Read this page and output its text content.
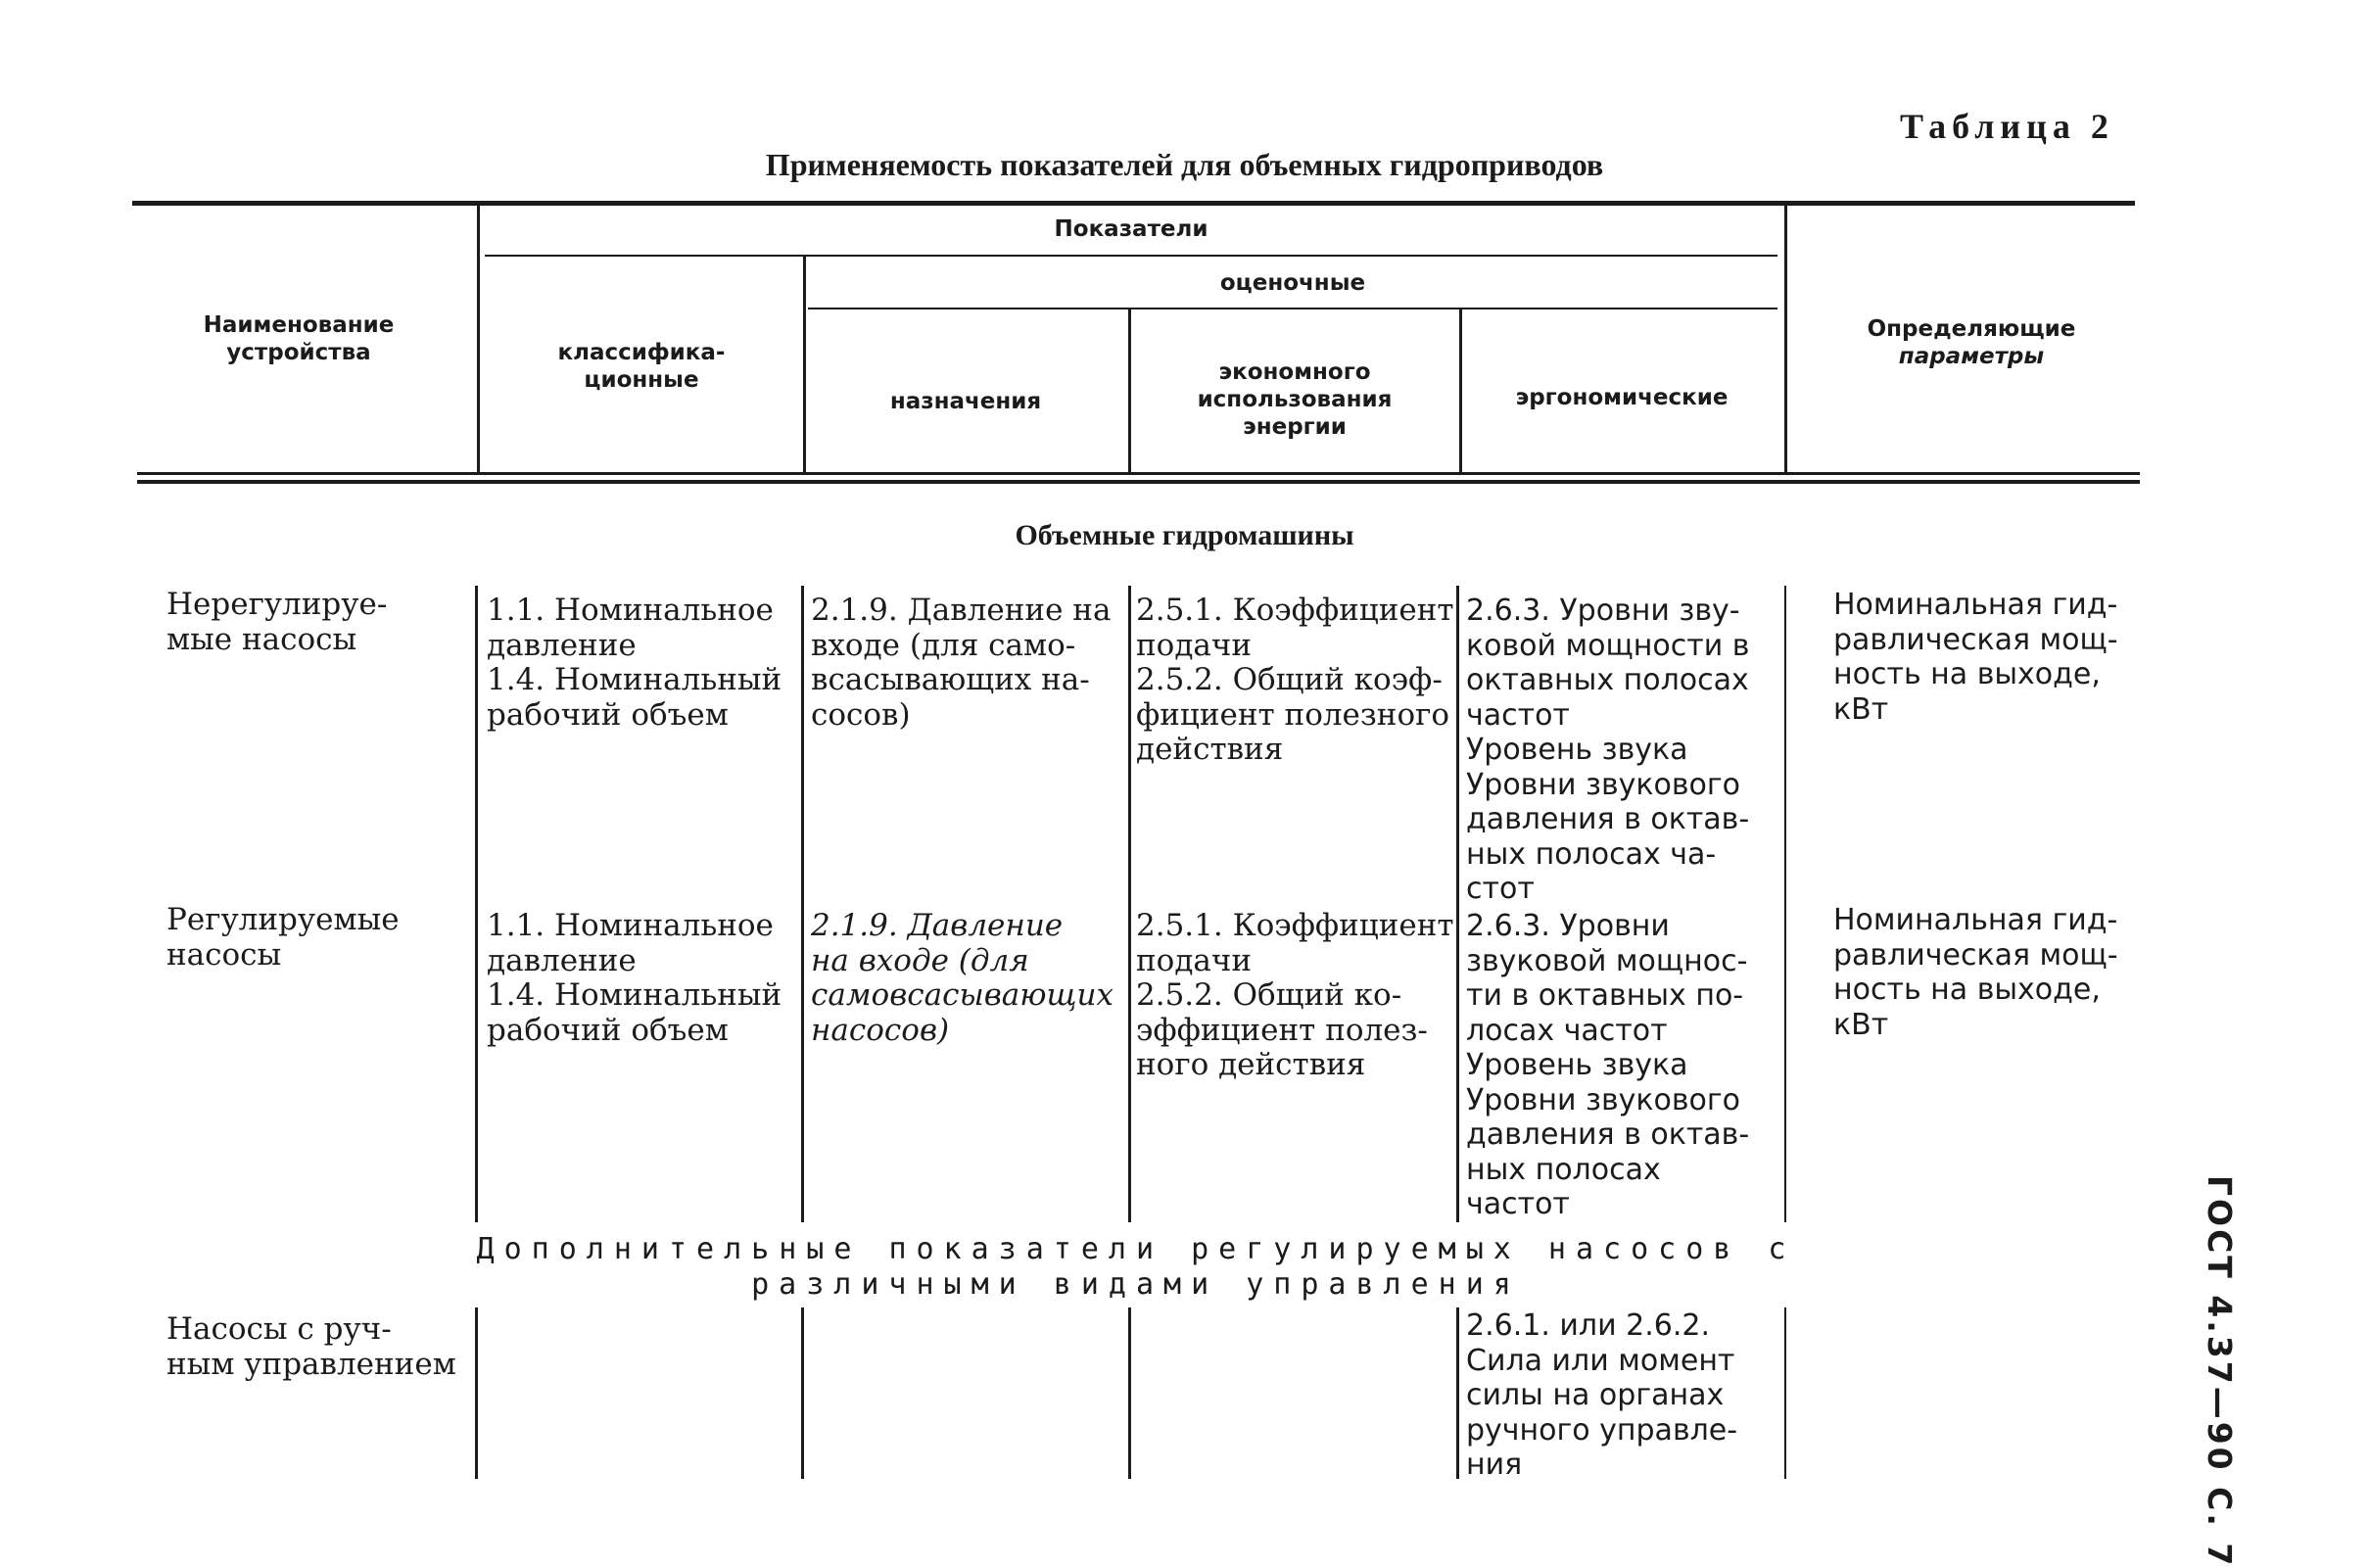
Таблица 2
Применяемость показателей для объемных гидроприводов
Наименование устройства
Показатели
классифика-
ционные
оценочные
назначения
экономного
использования
энергии
эргономические
Определяющие
параметры
Объемные гидромашины
Нерегулируе-
мые насосы
1.1. Номинальное
давление
1.4. Номинальный
рабочий объем
2.1.9. Давление на
входе (для само-
всасывающих на-
сосов)
2.5.1. Коэффициент
подачи
2.5.2. Общий коэф-
фициент полезного
действия
2.6.3. Уровни зву-
ковой мощности в
октавных полосах
частот
Уровень звука
Уровни звукового
давления в октав-
ных полосах ча-
стот
Номинальная гид-
равлическая мощ-
ность на выходе,
кВт
Регулируемые
насосы
1.1. Номинальное
давление
1.4. Номинальный
рабочий объем
2.1.9. Давление
на входе (для
самовсасывающих
насосов)
2.5.1. Коэффициент
подачи
2.5.2. Общий ко-
эффициент полез-
ного действия
2.6.3. Уровни
звуковой мощнос-
ти в октавных по-
лосах частот
Уровень звука
Уровни звукового
давления в октав-
ных полосах
частот
Номинальная гид-
равлическая мощ-
ность на выходе,
кВт
Дополнительные показатели регулируемых насосов с
различными видами управления
Насосы с руч-
ным управлением
2.6.1. или 2.6.2.
Сила или момент
силы на органах
ручного управле-
ния	ГОСТ 4.37—90 С. 7
